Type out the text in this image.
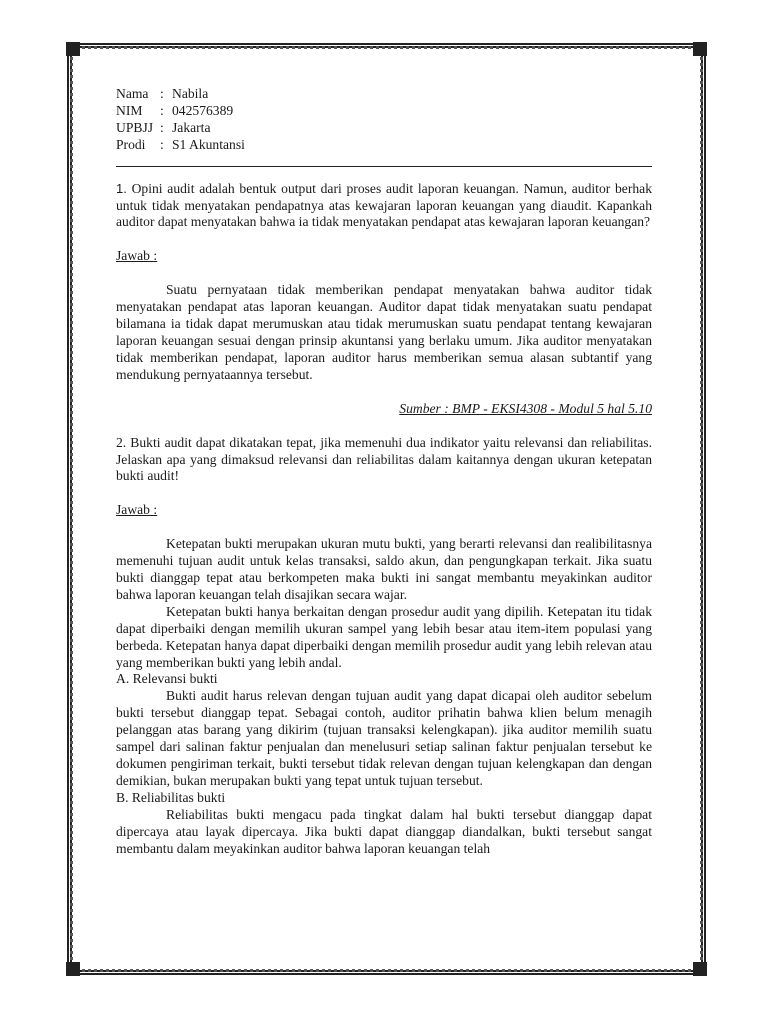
Nama : Nabila
NIM	: 042576389
UPBJJ : Jakarta
Prodi	: S1 Akuntansi

1. Opini audit adalah bentuk output dari proses audit laporan keuangan. Namun, auditor berhak untuk tidak menyatakan pendapatnya atas kewajaran laporan keuangan yang diaudit. Kapankah auditor dapat menyatakan bahwa ia tidak menyatakan pendapat atas kewajaran laporan keuangan?

Jawab :

Suatu pernyataan tidak memberikan pendapat menyatakan bahwa auditor tidak menyatakan pendapat atas laporan keuangan. Auditor dapat tidak menyatakan suatu pendapat bilamana ia tidak dapat merumuskan atau tidak merumuskan suatu pendapat tentang kewajaran laporan keuangan sesuai dengan prinsip akuntansi yang berlaku umum. Jika auditor menyatakan tidak memberikan pendapat, laporan auditor harus memberikan semua alasan subtantif yang mendukung pernyataannya tersebut.

Sumber : BMP - EKSI4308 - Modul 5 hal 5.10

2. Bukti audit dapat dikatakan tepat, jika memenuhi dua indikator yaitu relevansi dan reliabilitas. Jelaskan apa yang dimaksud relevansi dan reliabilitas dalam kaitannya dengan ukuran ketepatan bukti audit!

Jawab :

Ketepatan bukti merupakan ukuran mutu bukti, yang berarti relevansi dan realibilitasnya memenuhi tujuan audit untuk kelas transaksi, saldo akun, dan pengungkapan terkait. Jika suatu bukti dianggap tepat atau berkompeten maka bukti ini sangat membantu meyakinkan auditor bahwa laporan keuangan telah disajikan secara wajar.

Ketepatan bukti hanya berkaitan dengan prosedur audit yang dipilih. Ketepatan itu tidak dapat diperbaiki dengan memilih ukuran sampel yang lebih besar atau item-item populasi yang berbeda. Ketepatan hanya dapat diperbaiki dengan memilih prosedur audit yang lebih relevan atau yang memberikan bukti yang lebih andal.

A. Relevansi bukti

Bukti audit harus relevan dengan tujuan audit yang dapat dicapai oleh auditor sebelum bukti tersebut dianggap tepat. Sebagai contoh, auditor prihatin bahwa klien belum menagih pelanggan atas barang yang dikirim (tujuan transaksi kelengkapan). jika auditor memilih suatu sampel dari salinan faktur penjualan dan menelusuri setiap salinan faktur penjualan tersebut ke dokumen pengiriman terkait, bukti tersebut tidak relevan dengan tujuan kelengkapan dan dengan demikian, bukan merupakan bukti yang tepat untuk tujuan tersebut.

B. Reliabilitas bukti

Reliabilitas bukti mengacu pada tingkat dalam hal bukti tersebut dianggap dapat dipercaya atau layak dipercaya. Jika bukti dapat dianggap diandalkan, bukti tersebut sangat membantu dalam meyakinkan auditor bahwa laporan keuangan telah
